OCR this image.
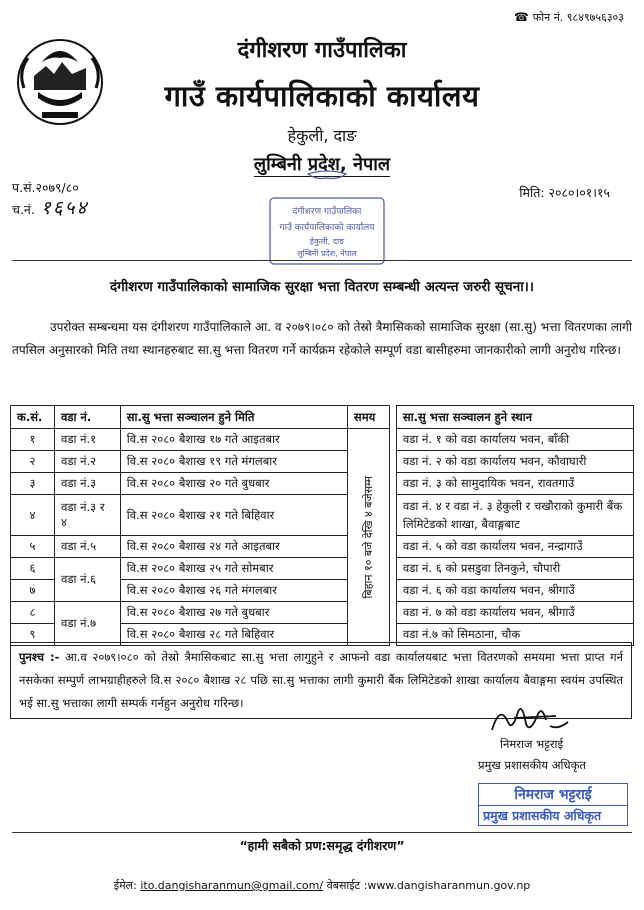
☎ फोन नं. ९८४९७५६३०३
दंगीशरण गाउँपालिका
गाउँ कार्यपालिकाको कार्यालय
हेकुली, दाङ
लुम्बिनी प्रदेश, नेपाल
प.सं.२०७९/८०
च.नं. १६५४
मिति: २०८०।०१।१५
दंगीशरण गाउँपालिका
गाउँ कार्यपालिकाको कार्यालय
हेकुली, दाङ
लुम्बिनी प्रदेश, नेपाल
दंगीशरण गाउँपालिकाको सामाजिक सुरक्षा भत्ता वितरण सम्बन्धी अत्यन्त जरुरी सूचना।।
उपरोक्त सम्बन्धमा यस दंगीशरण गाउँपालिकाले आ. व २०७९।०८० को तेस्रो त्रैमासिकको सामाजिक सुरक्षा (सा.सु) भत्ता वितरणका लागी तपसिल अनुसारको मिति तथा स्थानहरुबाट सा.सु भत्ता वितरण गर्ने कार्यक्रम रहेकोले सम्पूर्ण वडा बासीहरुमा जानकारीको लागी अनुरोध गरिन्छ।
क.सं.	वडा नं.	सा.सु भत्ता सञ्चालन हुने मिति	समय		सा.सु भत्ता सञ्चालन हुने स्थान
१	वडा नं.१	वि.स २०८० बैशाख १७ गते आइतबार	बिहान १० बजे देखि ४ बजेसम्म		वडा नं. १ को वडा कार्यालय भवन, बाँकी
२	वडा नं.२	वि.स २०८० बैशाख १९ गते मंगलबार			वडा नं. २ को वडा कार्यालय भवन, कौवाघारी
३	वडा नं.३	वि.स २०८० बैशाख २० गते बुधबार			वडा नं. ३ को सामुदायिक भवन, रावतगाउँ
४	वडा नं.३ र ४	वि.स २०८० बैशाख २१ गते बिहिवार			वडा नं. ४ र वडा नं. ३ हेकुली र चखौराको कुमारी बैंक लिमिटेडको शाखा, बैवाङ्गबाट
५	वडा नं.५	वि.स २०८० बैशाख २४ गते आइतबार			वडा नं. ५ को वडा कार्यालय भवन, नन्द्रागाउँ
६	वडा नं.६	वि.स २०८० बैशाख २५ गते सोमबार			वडा नं. ६ को प्रसडुवा तिनकुने, चौपारी
७		वि.स २०८० बैशाख २६ गते मंगलबार			वडा नं. ६ को वडा कार्यालय भवन, श्रीगाउँ
८	वडा नं.७	वि.स २०८० बैशाख २७ गते बुधबार			वडा नं. ७ को वडा कार्यालय भवन, श्रीगाउँ
९		वि.स २०८० बैशाख २८ गते बिहिवार			वडा नं.७ को सिमठाना, चौक
पुनश्च :- आ.व २०७९।०८० को तेस्रो त्रैमासिकबाट सा.सु भत्ता लागुहुने र आफनो वडा कार्यालयबाट भत्ता वितरणको समयमा भत्ता प्राप्त गर्न नसकेका सम्पुर्ण लाभग्राहीहरुले वि.स २०८० बैशाख २८ पछि सा.सु भत्ताका लागी कुमारी बैंक लिमिटेडको शाखा कार्यालय बैवाङ्गमा स्वयंम उपस्थित भई सा.सु भत्ताका लागी सम्पर्क गर्नहुन अनुरोध गरिन्छ।
निमराज भट्टराई
प्रमुख प्रशासकीय अधिकृत
निमराज भट्टराई
प्रमुख प्रशासकीय अधिकृत
“हामी सबैको प्रण:समृद्ध दंगीशरण”
ईमेल: ito.dangisharanmun@gmail.com/ वेबसाईट :www.dangisharanmun.gov.np
